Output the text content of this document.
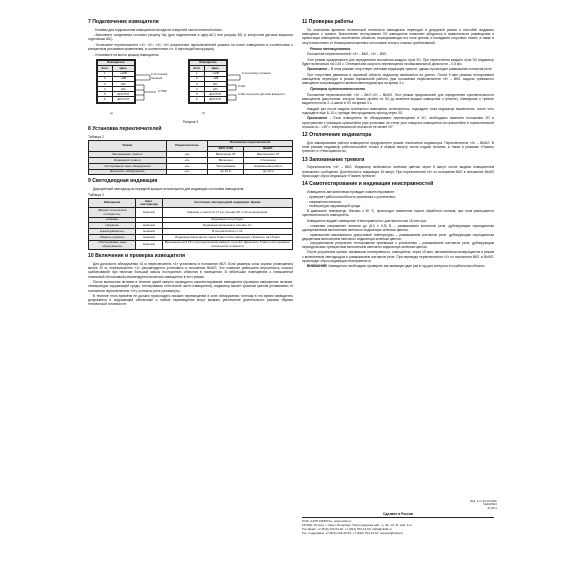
7 Подключение извещателя

- Клеммы для подключения извещателя находятся в верхней части печатной платы.

- Выполните соединения согласно рисунку 3а) (для подключения в одну ШС) или рисунку 3б) (с контролем датчика вскрытия отдельным ШС).

- Установите переключатели «1», «2», «3», «4» (назначение переключателей указано на плате извещателя в соответствии с конкретным условиями применения, в соответствии с п. 8 настоящей инструкции).

- Установите на место крышку извещателя.

Извещатель	
Конт	Цепь
1	+12В
2	-12В
3	ШС
4	ШС
5	ДОСТУП
6	ДОСТУП
К источнику питания
К ППК
а)
Извещатель	
Конт	Цепь
1	+12В
2	-12В
3	ШС
4	ШС
5	ДОСТУП
6	ДОСТУП
К источнику питания
К ШС
К ШС контроля датчика вскрытия
б)
Рисунок 3
8 Установка переключателей
Таблица 2
Режим	Переключатель	Положение переключателя	
		ВКЛ. (ON)	ВЫКЛ.
Запоминание тревоги	«4»	Включение ЗТ	Выключение ЗТ
Индикация тревоги	«3»	Включено	Отключено
Тестирование зоны обнаружения	«2»	Тестирование	Нормальная работа
Дальность обнаружения	«1»	до 15 м	до 10 м
9 Светодиодная индикация

Двухцветный светодиод на передней крышке используется для индикации состояния извещателя.

Таблица 3
Извещение	Цвет светодиода	Состояние светодиодной индикации. Время
«Время технической готовности»	красный	Мигание с частотой 1 Гц в течение 60 с после включения
«Норма»	-	Индикация отсутствует
«Тревога»	красный	Индикация включена в течение 3 с
«Неисправность»	зелёный	В соответствии с п.14
«Память тревоги»	зелёный	Индикация включается через 5 мин после извещения «Тревога» на 15 мин
«Тестирование зоны обнаружения»	красный	Включение на 0,25 с при пересечении каждого луча ЗО. Дальность 5 мин после времени технической готовности
10 Включение и проверка извещателя

Для дальности обнаружения 15 м переключатель «1» установить в положение ВКЛ. Если размеры зоны охраны (помещения) менее 10 м, переключатель «1» рекомендуется установить в положение ВЫКЛ. Это позволит уменьшить вероятность ложных срабатываний при наличии большой массы посторонних объектов в помещении. В небольших помещениях с повышенной помеховой обстановкой рекомендуется включать извещатель в этот режим.

После включения питания в течение одной минуты проводится самотестирование извещателя (проверка напряжения питания, температуры окружающей среды, тестирование оптической части извещателя), индикатор мигает красным цветом (независимо от положения переключателя «3»), контакты реле разомкнуты.

В течение этого времени не должно происходить никаких перемещений в зоне обнаружения, поэтому в это время извещатель допускается в окружающей обстановке и любые перемещения могут вызвать увеличение длительности режима «Время технической готовности».

11 Проверка работы

По окончании времени технической готовности извещатель переходит в дежурный режим и способен выдавать извещения о тревоге. Выполнение тестирования ЗО извещателя позволяет убедиться в правильности размещения и ориентации извещателя, исключении объектов, перекрывающих его поле зрения, и попадания сторонних помех, а также в отсутствии помех от близкорасположенных источников тепла и ложных срабатываний.

Режим тестирования

Положение переключателей: «2» – ВКЛ., «2» – ВКЛ.

Этот режим предназначен для определения положения каждого луча ЗО. При пересечении каждого луча ЗО индикатор будет включаться на 0,25 с. Оптимальная скорость перемещения на максимальной дальности – 0,5 м/с.

Примечание – В этом режиме отсутствует световая индикация тревоги, однако происходит размыкание контактов реле.

При отсутствии движения в охранной области индикатор включается на долгое. После 5 мин режима тестирования извещатель переходит в режим нормальной работы (при положении переключателя «3» – ВКЛ. выдача тревожного извещения сопровождается включением индикатора на время 3 с.

Проверка чувствительности

Положение переключателей: «3» – ВКЛ.,«2» – ВЫКЛ. Этот режим предназначен для определения чувствительности извещателя (расстояние, которое можно пройти по ЗО до момента выдачи извещения о тревоге). Извещение о тревоге выдается после 2–4 шагов в ЗО на время 3 с.

Каждый раз после выдачи тревожного извещения остановитесь, подождите пока индикатор выключится, после чего подождите еще 8–10 с, прежде чем продолжить проход через ЗО.

Примечание – Если извещатель не обнаруживает перемещение в ЗО, необходимо изменить положение ЗО в пространстве с помощью кронштейна (при установке на стене угол поворота извещателя на кронштейне в горизонтальной плоскости – <45°>, в вертикальной плоскости не менее 20°.

12 Отключение индикатора

Для маскирования работы извещателя предусмотрен режим отключения индикатора. Переключатель «3» – ВЫКЛ. В этом режиме индикатор работоспособен только в первую минуту после подачи питания, а также в режимах «Память тревоги» и «Неисправность».

13 Запоминание тревоги

Переключатель «4» – ВКЛ. Индикатор включается зеленым цветом через 5 минут после выдачи извещателем тревожного сообщения. Длительность индикации 15 минут. При переключении «4» из положения ВКЛ в положение ВЫКЛ происходит сброс индикации «Память тревоги».

14 Самотестирование и индикация неисправностей

Извещатель автоматически проводит самотестирование:

- проверяет работоспособность приемника с усилителем;
- напряжения питания;
- температуры окружающей среды.

В диапазоне температур, близких к 36 °С, происходит изменение порога обработки сигнала, при этом уменьшается чувствительность извещателя.

Извещатель выдает извещение «Неисправность» длительностью 15 мин при:

- снижении напряжения питания до (8,4 ± 0,5) В – размыканием контактов реле, дублирующим периодически одновременным включением светового индикатора зеленым цветом;
- превышении максимально допустимой температуры – размыканием контактов реле, дублирующим периодически двукратным включением светового индикатора зеленым цветом;
- отрицательном результате тестирования приемника с усилителем – размыканием контактов реле, дублирующим периодическим трехкратным включением светового индикатора зеленым цветом.

После устранения причин, вызвавших неисправность, извещатель, через 15 мин, автоматически возвращается в режим с включенным светодиодом и размыканием контактов реле. При переводе переключателя «2» из положения ВКЛ. в ВЫКЛ. происходит сброс индикации неисправности.

ВНИМАНИЕ! Извещатель необходимо проверять как минимум один раз в год для контроля его работоспособности.

Изм. 4 от 20.10.2020
№44/2024
47.60.4
Сделано в России
ООО «НПП РИЭЛТА», www.rielta.ru
197046, Россия, г. Санкт-Петербург, Петроградская наб., д. 34, лит. Б, пом. 1-Н
Тел./факс: +7 (812) 233-03-02, +7 (812) 703-13-60, rielta@rielta.ru
Тех. поддержка: +7 (812) 233-29-53, +7 (812) 703-13-57, support@rielta.ru
